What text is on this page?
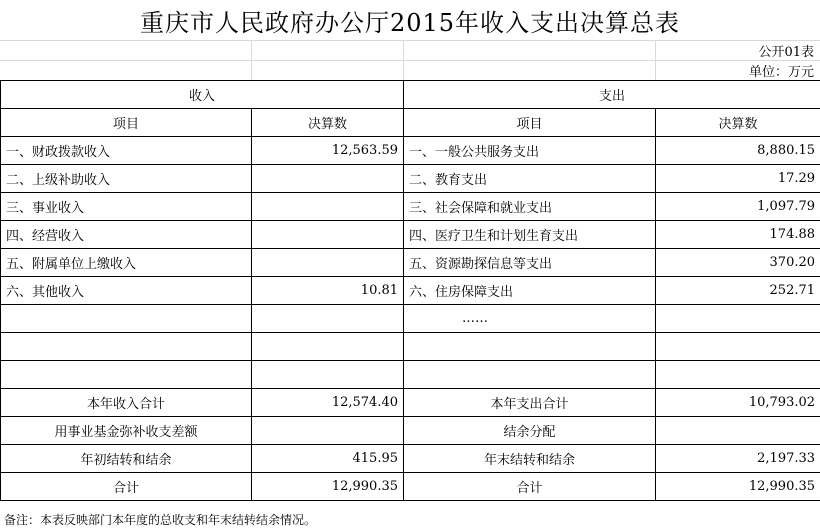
重庆市人民政府办公厅2015年收入支出决算总表
公开01表
单位：万元
收入		支出	
项目	决算数	项目	决算数
一、财政拨款收入	12,563.59	一、一般公共服务支出	8,880.15
二、上级补助收入		二、教育支出	17.29
三、事业收入		三、社会保障和就业支出	1,097.79
四、经营收入		四、医疗卫生和计划生育支出	174.88
五、附属单位上缴收入		五、资源勘探信息等支出	370.20
六、其他收入	10.81	六、住房保障支出	252.71
		……	

本年收入合计	12,574.40	本年支出合计	10,793.02
用事业基金弥补收支差额		结余分配	
年初结转和结余	415.95	年末结转和结余	2,197.33
合计	12,990.35	合计	12,990.35
备注：本表反映部门本年度的总收支和年末结转结余情况。
